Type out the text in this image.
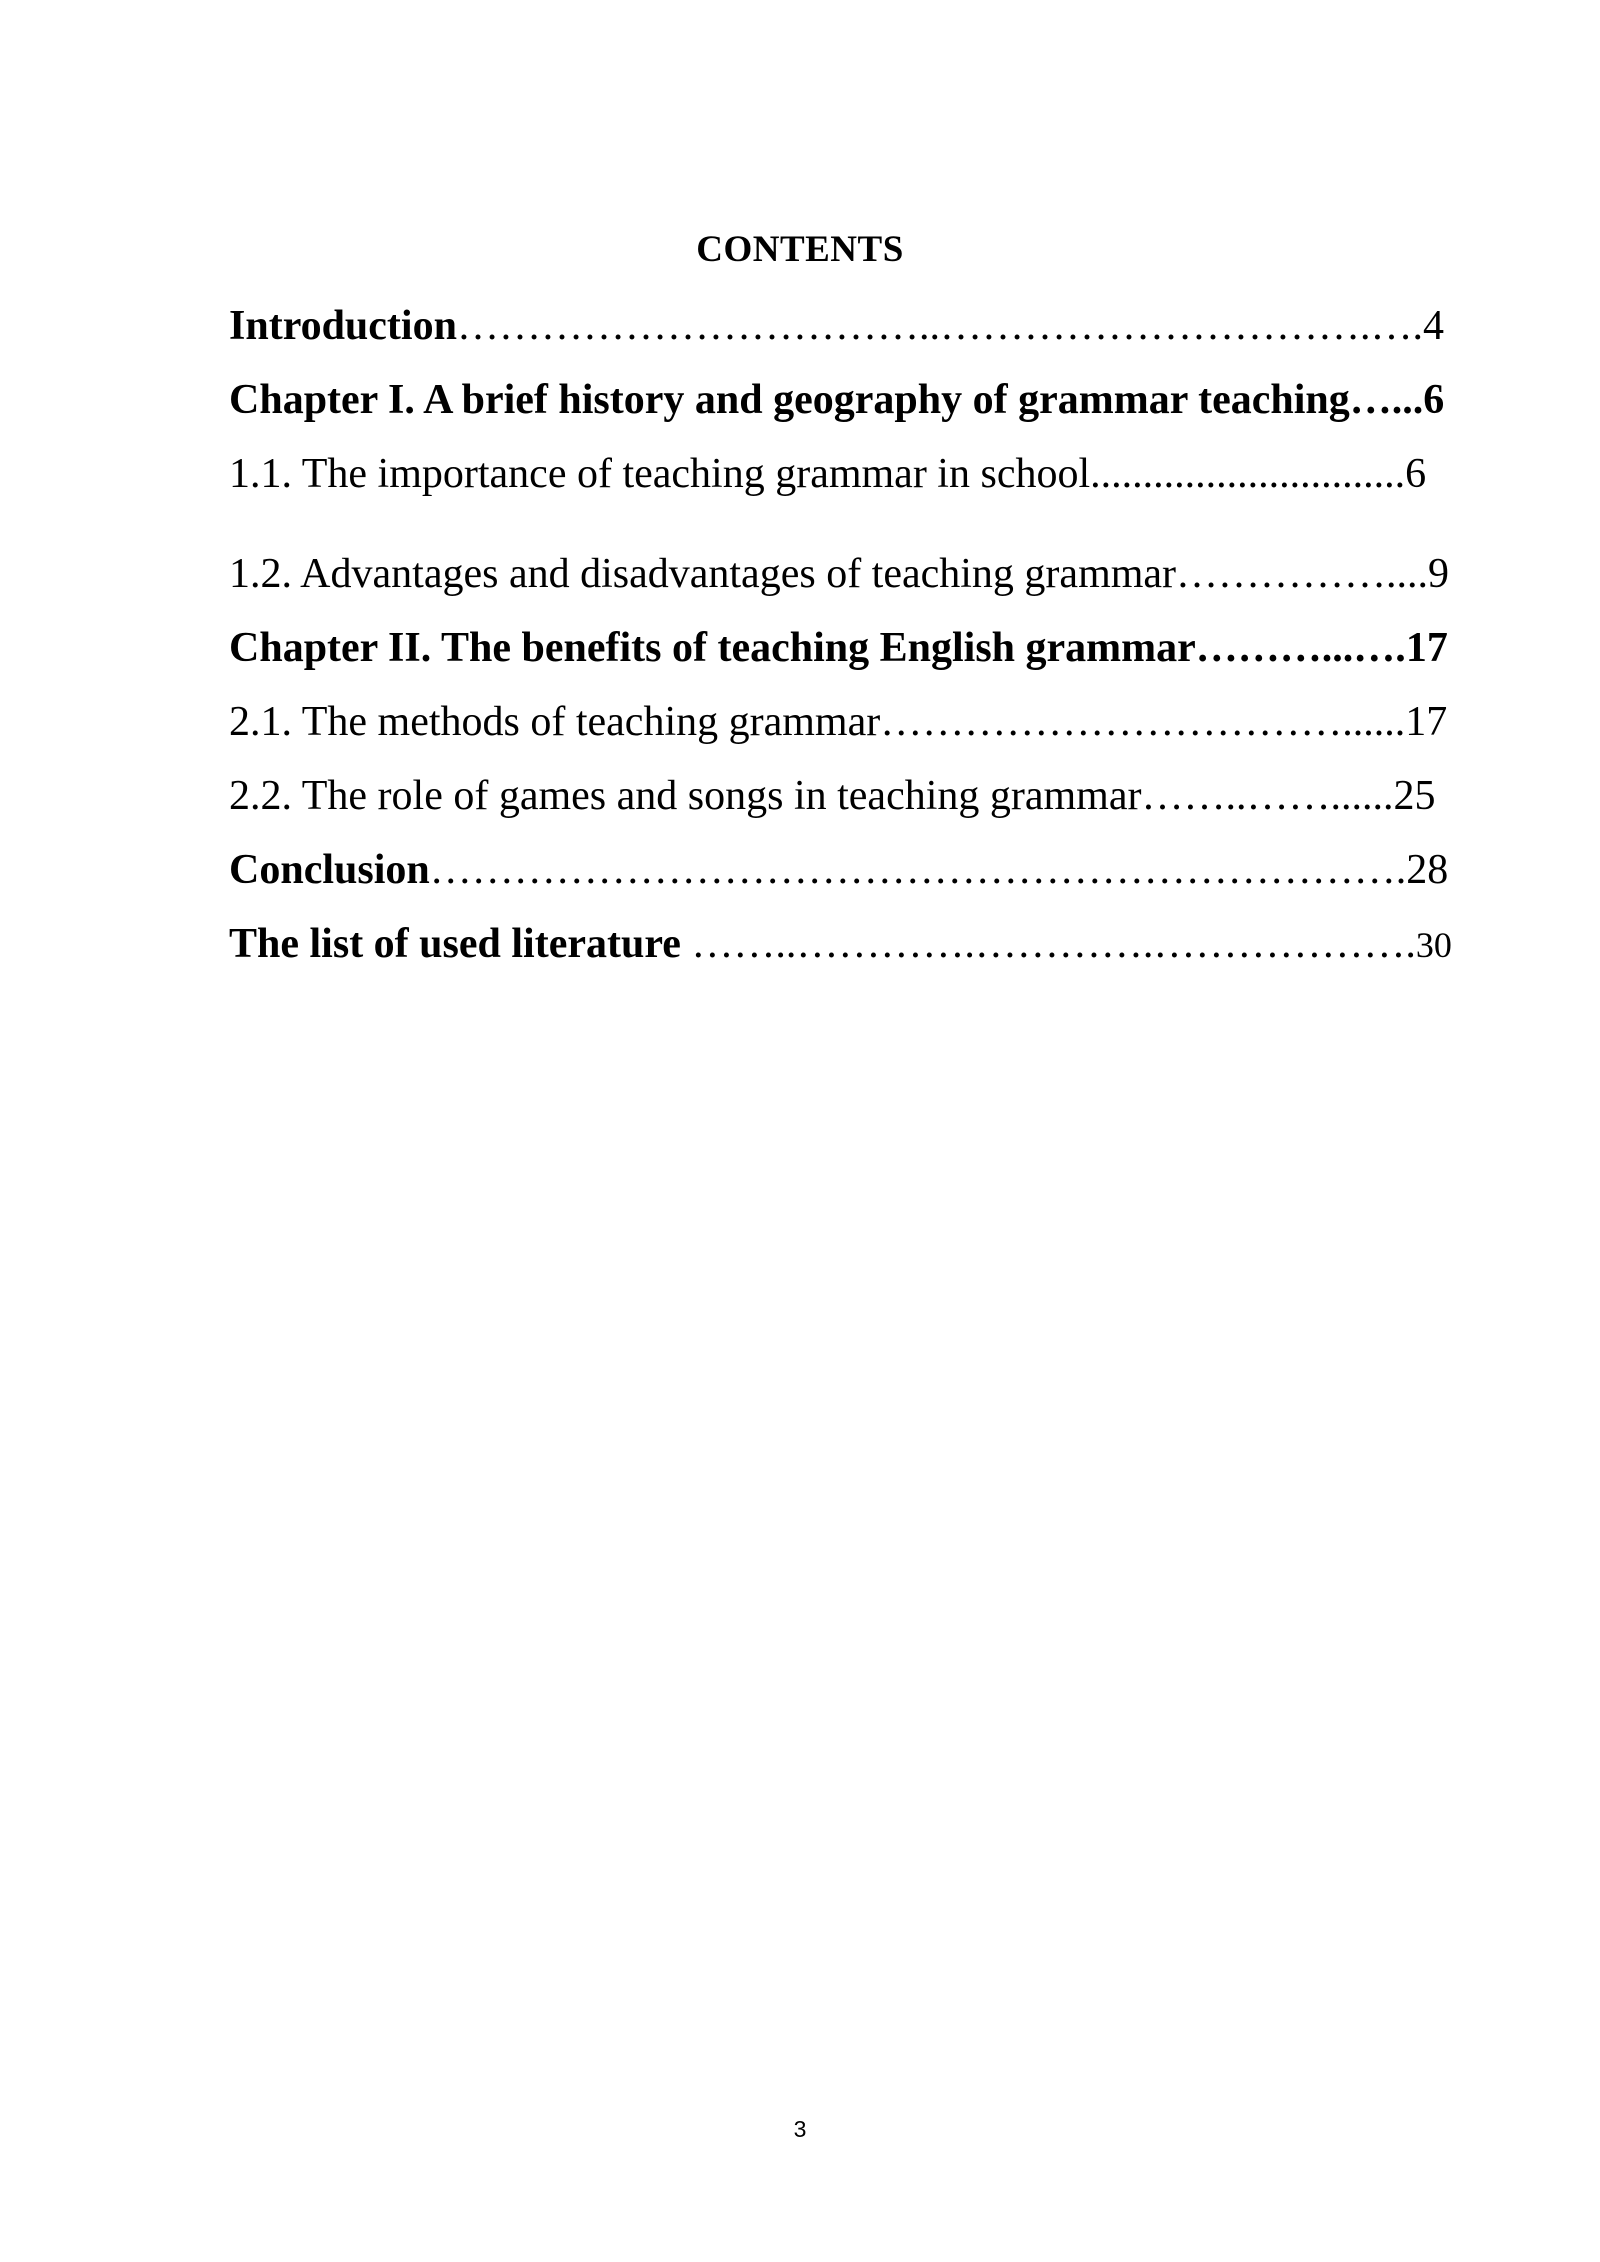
CONTENTS
Introduction……………………………..………………………….….4
Chapter I. A brief history and geography of grammar teaching…...6
1.1. The importance of teaching grammar in school..............................6
1.2. Advantages and disadvantages of teaching grammar……………....9
Chapter II. The benefits of teaching English grammar………...….17
2.1. The methods of teaching grammar……………………………......17
2.2. The role of games and songs in teaching grammar……..……......25
Conclusion…………………………………………………………….28
The list of used literature ……..………….………….……………….30
3
